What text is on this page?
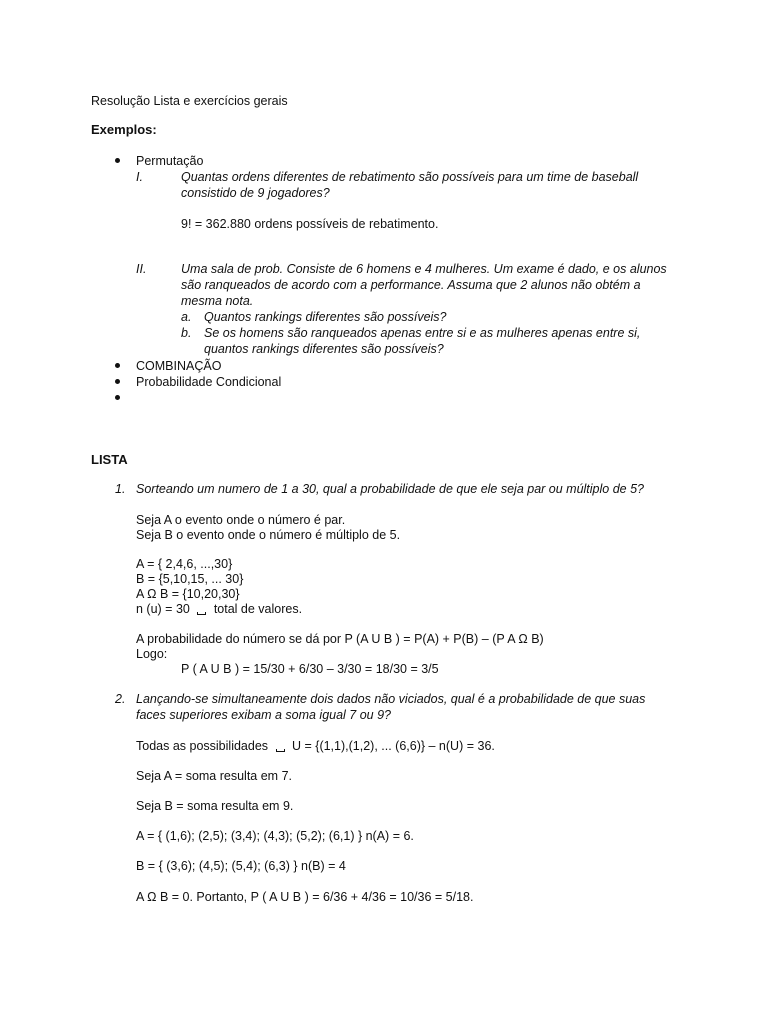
Resolução Lista e exercícios gerais
Exemplos:
Permutação
I.	Quantas ordens diferentes de rebatimento são possíveis para um time de baseball
consistido de 9 jogadores?
9! = 362.880 ordens possíveis de rebatimento.
II.	Uma sala de prob. Consiste de 6 homens e 4 mulheres. Um exame é dado, e os alunos
são ranqueados de acordo com a performance. Assuma que 2 alunos não obtém a
mesma nota.
a. Quantos rankings diferentes são possíveis?
b. Se os homens são ranqueados apenas entre si e as mulheres apenas entre si,
quantos rankings diferentes são possíveis?
COMBINAÇÃO
Probabilidade Condicional
LISTA
1. Sorteando um numero de 1 a 30, qual a probabilidade de que ele seja par ou múltiplo de 5?
Seja A o evento onde o número é par.
Seja B o evento onde o número é múltiplo de 5.
A = { 2,4,6, ...,30}
B = {5,10,15, ... 30}
A Ω B = {10,20,30}
n (u) = 30 total de valores.
A probabilidade do número se dá por P (A U B ) = P(A) + P(B) – (P A Ω B)
Logo:
P ( A U B ) = 15/30 + 6/30 – 3/30 = 18/30 = 3/5
2. Lançando-se simultaneamente dois dados não viciados, qual é a probabilidade de que suas
faces superiores exibam a soma igual 7 ou 9?
Todas as possibilidades U = {(1,1),(1,2), ... (6,6)} – n(U) = 36.
Seja A = soma resulta em 7.
Seja B = soma resulta em 9.
A = { (1,6); (2,5); (3,4); (4,3); (5,2); (6,1) } n(A) = 6.
B = { (3,6); (4,5); (5,4); (6,3) } n(B) = 4
A Ω B = 0. Portanto, P ( A U B ) = 6/36 + 4/36 = 10/36 = 5/18.
